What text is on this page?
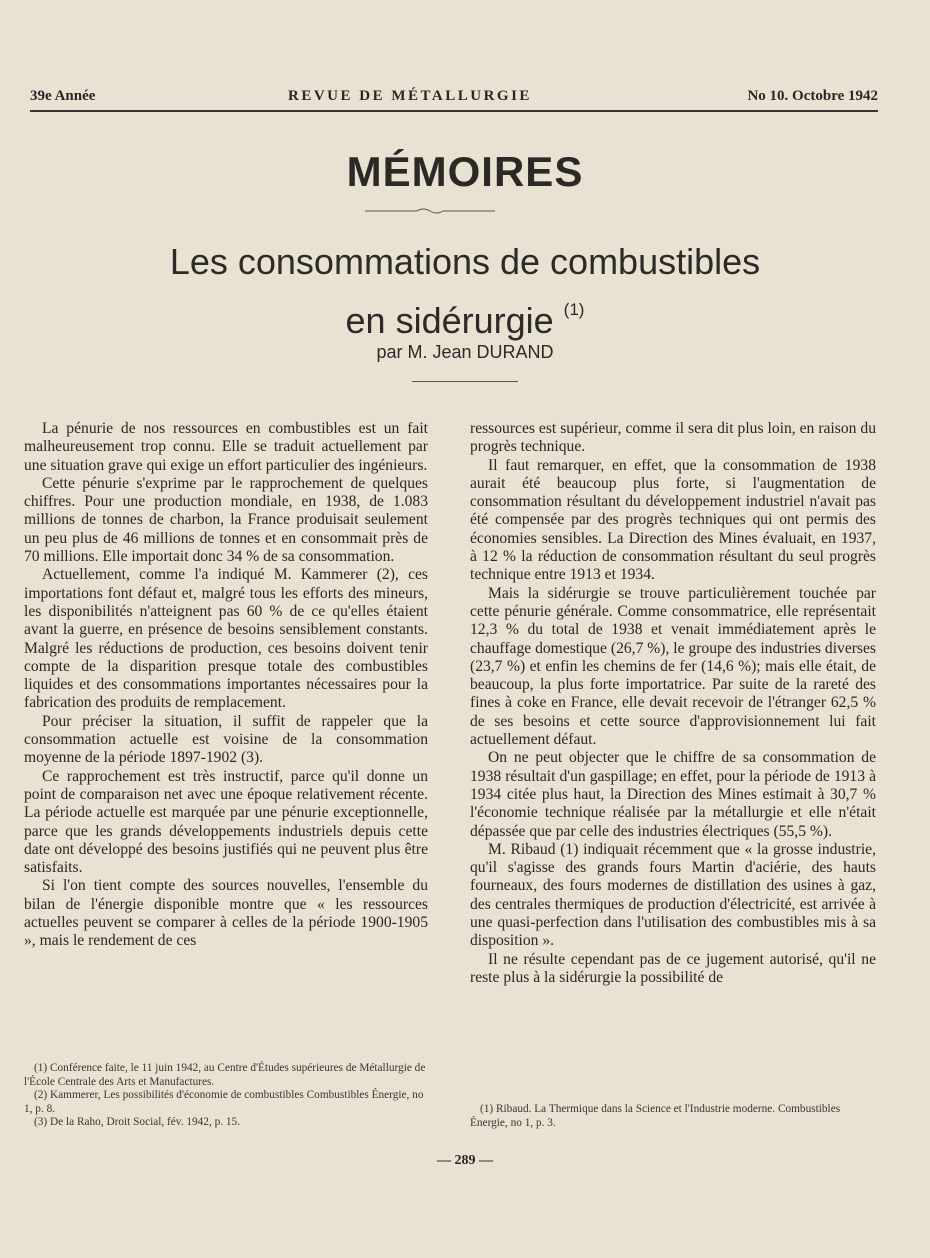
39e Année	REVUE DE MÉTALLURGIE	No 10. Octobre 1942
MÉMOIRES
Les consommations de combustibles
en sidérurgie $^{(1)}$
par M. Jean DURAND

La pénurie de nos ressources en combustibles est un fait malheureusement trop connu. Elle se traduit actuellement par une situation grave qui exige un effort particulier des ingénieurs.

Cette pénurie s'exprime par le rapprochement de quelques chiffres. Pour une production mondiale, en 1938, de 1.083 millions de tonnes de charbon, la France produisait seulement un peu plus de 46 millions de tonnes et en consommait près de 70 millions. Elle importait donc 34 % de sa consommation.

Actuellement, comme l'a indiqué M. Kammerer (2), ces importations font défaut et, malgré tous les efforts des mineurs, les disponibilités n'atteignent pas 60 % de ce qu'elles étaient avant la guerre, en présence de besoins sensiblement constants. Malgré les réductions de production, ces besoins doivent tenir compte de la disparition presque totale des combustibles liquides et des consommations importantes nécessaires pour la fabrication des produits de remplacement.

Pour préciser la situation, il suffit de rappeler que la consommation actuelle est voisine de la consommation moyenne de la période 1897-1902 (3).

Ce rapprochement est très instructif, parce qu'il donne un point de comparaison net avec une époque relativement récente. La période actuelle est marquée par une pénurie exceptionnelle, parce que les grands développements industriels depuis cette date ont développé des besoins justifiés qui ne peuvent plus être satisfaits.

Si l'on tient compte des sources nouvelles, l'ensemble du bilan de l'énergie disponible montre que « les ressources actuelles peuvent se comparer à celles de la période 1900-1905 », mais le rendement de ces

ressources est supérieur, comme il sera dit plus loin, en raison du progrès technique.

Il faut remarquer, en effet, que la consommation de 1938 aurait été beaucoup plus forte, si l'augmentation de consommation résultant du développement industriel n'avait pas été compensée par des progrès techniques qui ont permis des économies sensibles. La Direction des Mines évaluait, en 1937, à 12 % la réduction de consommation résultant du seul progrès technique entre 1913 et 1934.

Mais la sidérurgie se trouve particulièrement touchée par cette pénurie générale. Comme consommatrice, elle représentait 12,3 % du total de 1938 et venait immédiatement après le chauffage domestique (26,7 %), le groupe des industries diverses (23,7 %) et enfin les chemins de fer (14,6 %); mais elle était, de beaucoup, la plus forte importatrice. Par suite de la rareté des fines à coke en France, elle devait recevoir de l'étranger 62,5 % de ses besoins et cette source d'approvisionnement lui fait actuellement défaut.

On ne peut objecter que le chiffre de sa consommation de 1938 résultait d'un gaspillage; en effet, pour la période de 1913 à 1934 citée plus haut, la Direction des Mines estimait à 30,7 % l'économie technique réalisée par la métallurgie et elle n'était dépassée que par celle des industries électriques (55,5 %).

M. Ribaud (1) indiquait récemment que « la grosse industrie, qu'il s'agisse des grands fours Martin d'aciérie, des hauts fourneaux, des fours modernes de distillation des usines à gaz, des centrales thermiques de production d'électricité, est arrivée à une quasi-perfection dans l'utilisation des combustibles mis à sa disposition ».

Il ne résulte cependant pas de ce jugement autorisé, qu'il ne reste plus à la sidérurgie la possibilité de

(1) Conférence faite, le 11 juin 1942, au Centre d'Études supérieures de Métallurgie de l'École Centrale des Arts et Manufactures.

(2) Kammerer, Les possibilités d'économie de combustibles Combustibles Énergie, no 1, p. 8.

(3) De la Raho, Droit Social, fév. 1942, p. 15.

(1) Ribaud. La Thermique dans la Science et l'Industrie moderne. Combustibles Énergie, no 1, p. 3.

— 289 —
